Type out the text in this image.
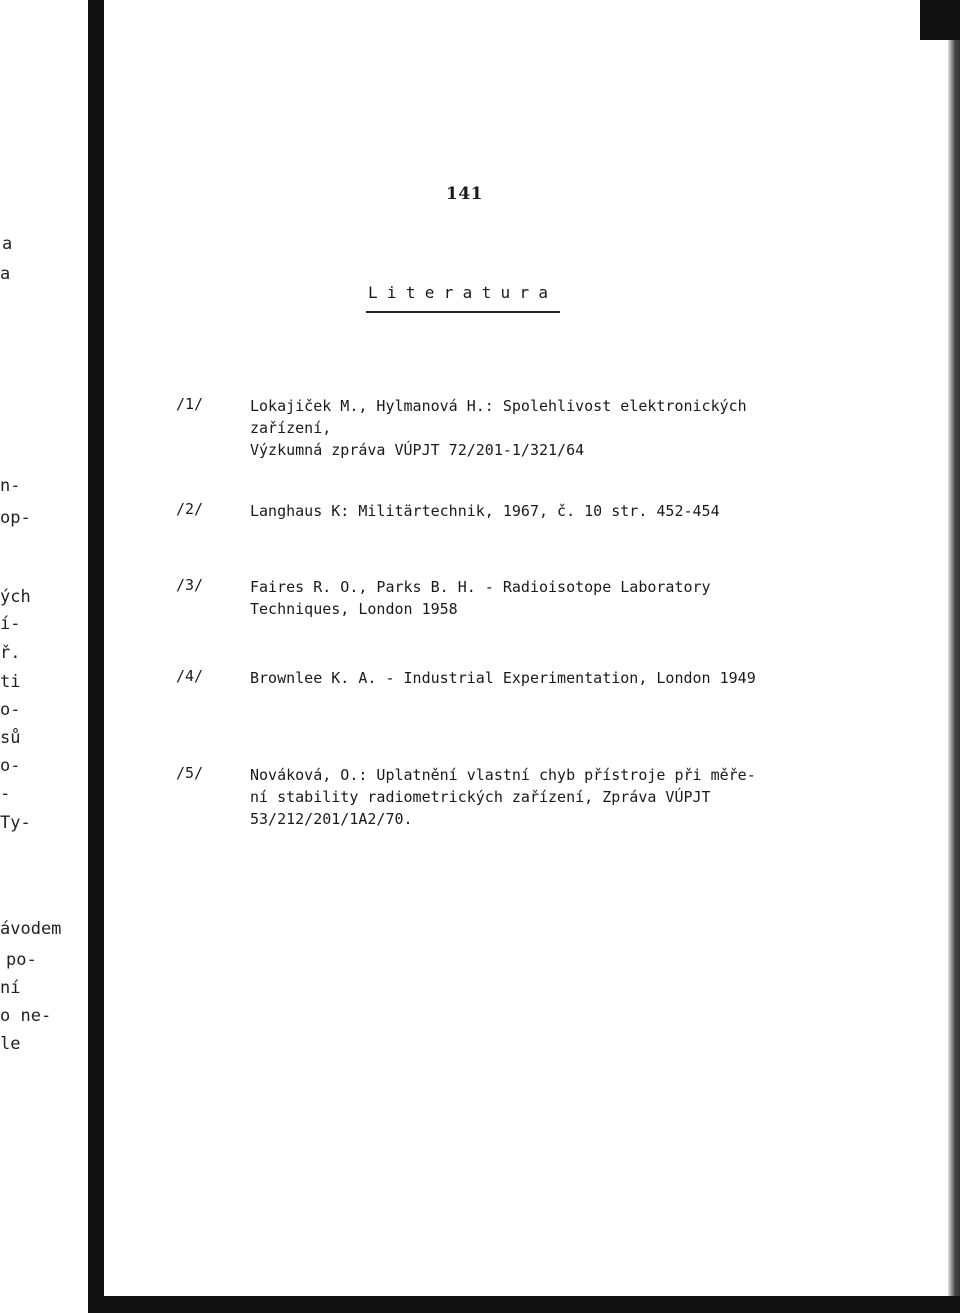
a
a
n-
op-
ých
í-
ř.
ti
o-
sů
o-
-
Ty-
ávodem
po-
ní
o ne-
le
141
Literatura
/1/	Lokajiček M., Hylmanová H.: Spolehlivost elektronických
zařízení,
Výzkumná zpráva VÚPJT 72/201-1/321/64
/2/	Langhaus K: Militärtechnik, 1967, č. 10 str. 452-454
/3/	Faires R. O., Parks B. H. - Radioisotope Laboratory
Techniques, London 1958
/4/	Brownlee K. A. - Industrial Experimentation, London 1949
/5/	Nováková, O.: Uplatnění vlastní chyb přístroje při měře-
ní stability radiometrických zařízení, Zpráva VÚPJT
53/212/201/1A2/70.
